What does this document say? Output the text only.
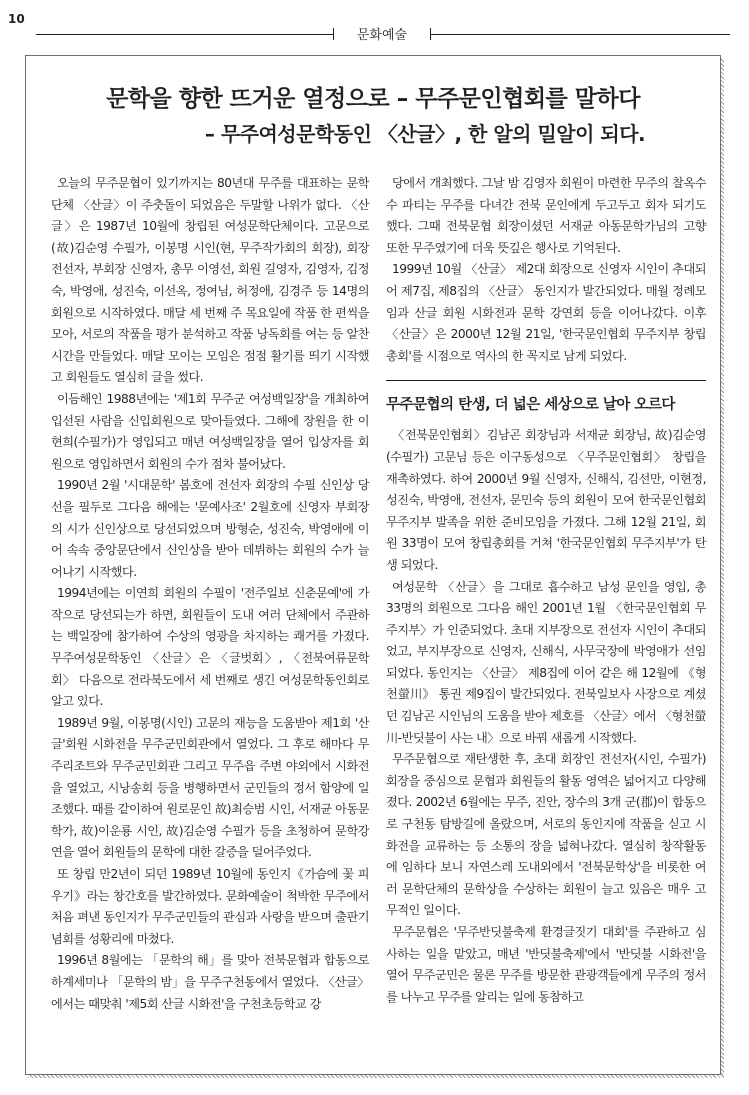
10
문화예술
문학을 향한 뜨거운 열정으로 – 무주문인협회를 말하다
– 무주여성문학동인 〈산글〉, 한 알의 밀알이 되다.

오늘의 무주문협이 있기까지는 80년대 무주를 대표하는 문학단체 〈산글〉이 주춧돌이 되었음은 두말할 나위가 없다. 〈산글〉은 1987년 10월에 창립된 여성문학단체이다. 고문으로 (故)김순영 수필가, 이봉명 시인(현, 무주작가회의 회장), 회장 전선자, 부회장 신영자, 총무 이영선, 회원 길영자, 김영자, 김정숙, 박영애, 성진숙, 이선옥, 정여님, 허정애, 김경주 등 14명의 회원으로 시작하였다. 매달 세 번째 주 목요일에 작품 한 편씩을 모아, 서로의 작품을 평가 분석하고 작품 낭독회를 여는 등 알찬 시간을 만들었다. 매달 모이는 모임은 점점 활기를 띄기 시작했고 회원들도 열심히 글을 썼다.

이듬해인 1988년에는 '제1회 무주군 여성백일장'을 개최하여 입선된 사람을 신입회원으로 맞아들였다. 그해에 장원을 한 이현희(수필가)가 영입되고 매년 여성백일장을 열어 입상자를 회원으로 영입하면서 회원의 수가 점차 불어났다.

1990년 2월 '시대문학' 봄호에 전선자 회장의 수필 신인상 당선을 필두로 그다음 해에는 '문예사조' 2월호에 신영자 부회장의 시가 신인상으로 당선되었으며 방형순, 성진숙, 박영애에 이어 속속 중앙문단에서 신인상을 받아 데뷔하는 회원의 수가 늘어나기 시작했다.

1994년에는 이연희 회원의 수필이 '전주일보 신춘문예'에 가작으로 당선되는가 하면, 회원들이 도내 여러 단체에서 주관하는 백일장에 참가하여 수상의 영광을 차지하는 쾌거를 가졌다. 무주여성문학동인 〈산글〉은 〈글벗회〉, 〈전북여류문학회〉 다음으로 전라북도에서 세 번째로 생긴 여성문학동인회로 알고 있다.

1989년 9월, 이봉명(시인) 고문의 재능을 도움받아 제1회 '산글'회원 시화전을 무주군민회관에서 열었다. 그 후로 해마다 무주리조트와 무주군민회관 그리고 무주읍 주변 야외에서 시화전을 열었고, 시낭송회 등을 병행하면서 군민들의 정서 함양에 일조했다. 때를 같이하여 원로문인 故)최승범 시인, 서재균 아동문학가, 故)이운룡 시인, 故)김순영 수필가 등을 초청하여 문학강연을 열어 회원들의 문학에 대한 갈증을 덜어주었다.

또 창립 만2년이 되던 1989년 10월에 동인지《가슴에 꽃 피우기》라는 창간호를 발간하였다. 문화예술이 척박한 무주에서 처음 펴낸 동인지가 무주군민들의 관심과 사랑을 받으며 출판기념회를 성황리에 마쳤다.

1996년 8월에는 「문학의 해」를 맞아 전북문협과 합동으로 하계세미나 「문학의 밤」을 무주구천동에서 열었다. 〈산글〉에서는 때맞춰 '제5회 산글 시화전'을 구천초등학교 강

당에서 개최했다. 그날 밤 김영자 회원이 마련한 무주의 찰옥수수 파티는 무주를 다녀간 전북 문인에게 두고두고 회자 되기도 했다. 그때 전북문협 회장이셨던 서재균 아동문학가님의 고향 또한 무주였기에 더욱 뜻깊은 행사로 기억된다.

1999년 10월 〈산글〉 제2대 회장으로 신영자 시인이 추대되어 제7집, 제8집의 〈산글〉 동인지가 발간되었다. 매월 정례모임과 산글 회원 시화전과 문학 강연회 등을 이어나갔다. 이후 〈산글〉은 2000년 12월 21일, '한국문인협회 무주지부 창립총회'를 시점으로 역사의 한 꼭지로 남게 되었다.

무주문협의 탄생, 더 넓은 세상으로 날아 오르다

〈전북문인협회〉김남곤 회장님과 서재균 회장님, 故)김순영(수필가) 고문님 등은 이구동성으로 〈무주문인협회〉 창립을 재촉하였다. 하여 2000년 9월 신영자, 신해식, 김선만, 이현정, 성진숙, 박영애, 전선자, 문민숙 등의 회원이 모여 한국문인협회 무주지부 발족을 위한 준비모임을 가졌다. 그해 12월 21일, 회원 33명이 모여 창립총회를 거쳐 '한국문인협회 무주지부'가 탄생 되었다.

여성문학 〈산글〉을 그대로 흡수하고 남성 문인을 영입, 총 33명의 회원으로 그다음 해인 2001년 1월 〈한국문인협회 무주지부〉가 인준되었다. 초대 지부장으로 전선자 시인이 추대되었고, 부지부장으로 신영자, 신해식, 사무국장에 박영애가 선임되었다. 동인지는 〈산글〉 제8집에 이어 같은 해 12월에 《형천螢川》 통권 제9집이 발간되었다. 전북일보사 사장으로 계셨던 김남곤 시인님의 도움을 받아 제호를 〈산글〉에서 〈형천螢川-반딧불이 사는 내〉으로 바꿔 새롭게 시작했다.

무주문협으로 재탄생한 후, 초대 회장인 전선자(시인, 수필가) 회장을 중심으로 문협과 회원들의 활동 영역은 넓어지고 다양해졌다. 2002년 6월에는 무주, 진안, 장수의 3개 군(郡)이 합동으로 구천동 탐방길에 올랐으며, 서로의 동인지에 작품을 싣고 시화전을 교류하는 등 소통의 장을 넓혀나갔다. 열심히 창작활동에 임하다 보니 자연스레 도내외에서 '전북문학상'을 비롯한 여러 문학단체의 문학상을 수상하는 회원이 늘고 있음은 매우 고무적인 일이다.

무주문협은 '무주반딧불축제 환경글짓기 대회'를 주관하고 심사하는 일을 맡았고, 매년 '반딧불축제'에서 '반딧불 시화전'을 열어 무주군민은 물론 무주를 방문한 관광객들에게 무주의 정서를 나누고 무주를 알리는 일에 동참하고
